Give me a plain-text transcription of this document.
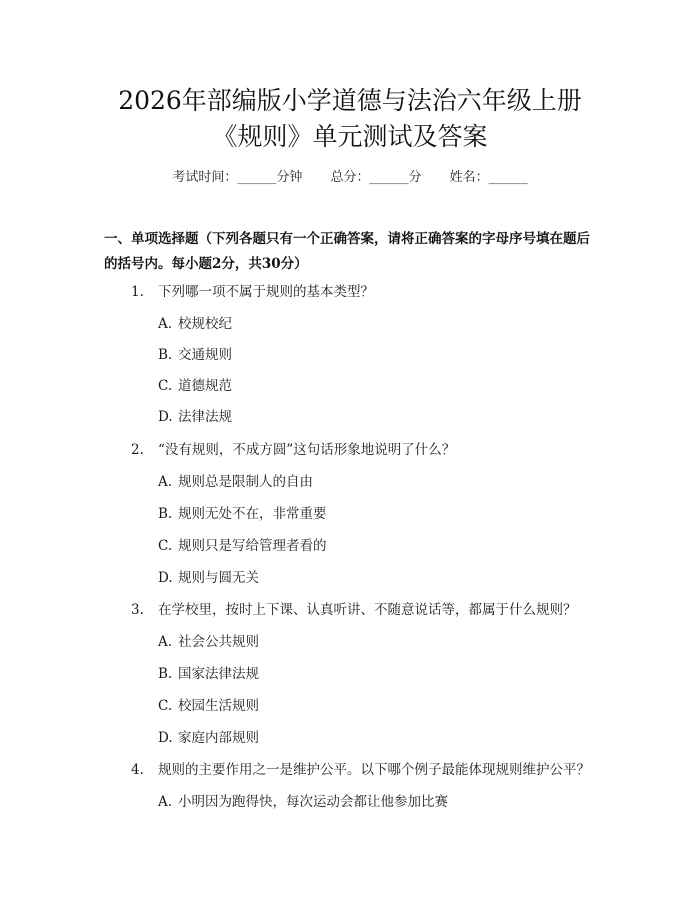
2026年部编版小学道德与法治六年级上册
《规则》单元测试及答案
考试时间：______分钟 总分：______分 姓名：______
一、单项选择题（下列各题只有一个正确答案，请将正确答案的字母序号填在题后的括号内。每小题2分，共30分）
1. 下列哪一项不属于规则的基本类型？
A. 校规校纪
B. 交通规则
C. 道德规范
D. 法律法规
2. “没有规则，不成方圆”这句话形象地说明了什么？
A. 规则总是限制人的自由
B. 规则无处不在，非常重要
C. 规则只是写给管理者看的
D. 规则与圆无关
3. 在学校里，按时上下课、认真听讲、不随意说话等，都属于什么规则？
A. 社会公共规则
B. 国家法律法规
C. 校园生活规则
D. 家庭内部规则
4. 规则的主要作用之一是维护公平。以下哪个例子最能体现规则维护公平？
A. 小明因为跑得快，每次运动会都让他参加比赛
